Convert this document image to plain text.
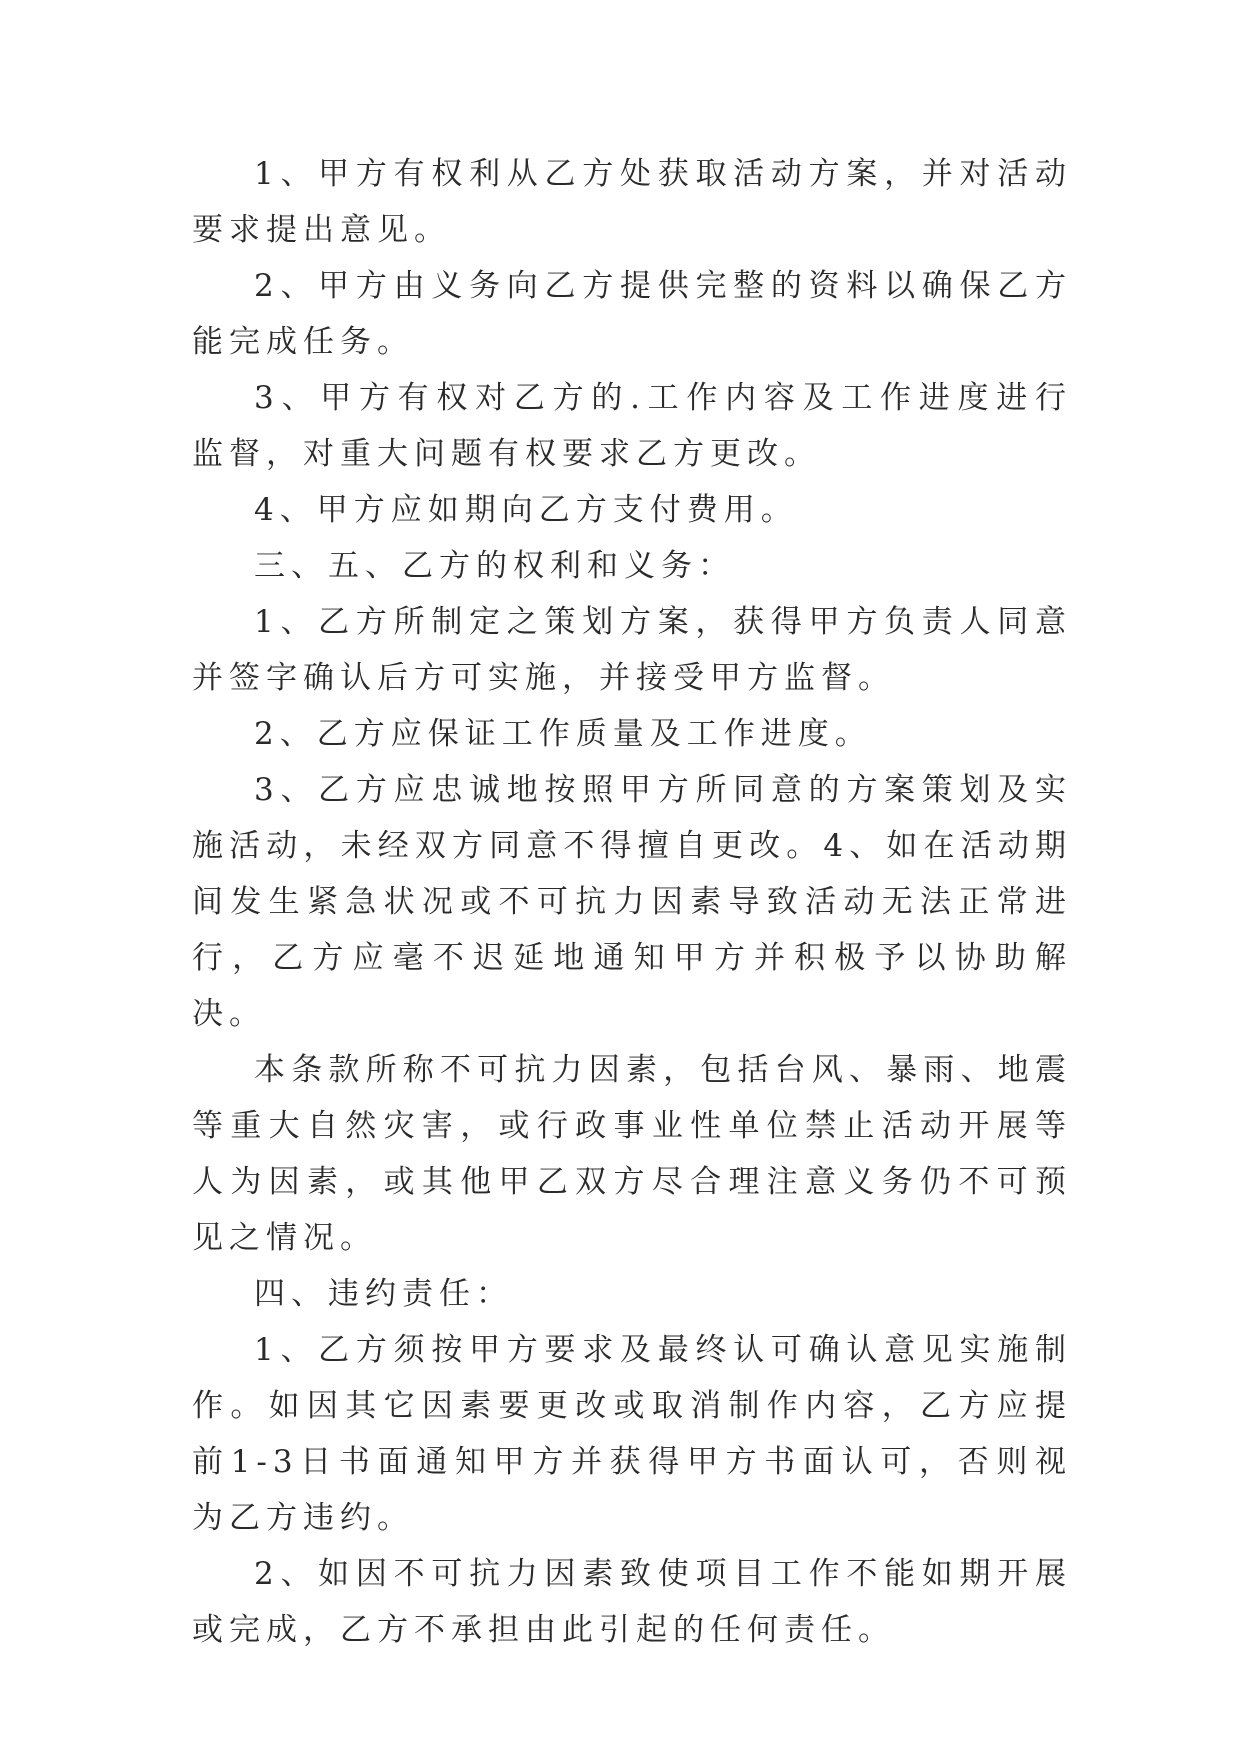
1、甲方有权利从乙方处获取活动方案，并对活动要求提出意见。

2、甲方由义务向乙方提供完整的资料以确保乙方能完成任务。

3、甲方有权对乙方的.工作内容及工作进度进行监督，对重大问题有权要求乙方更改。

4、甲方应如期向乙方支付费用。

三、五、乙方的权利和义务：

1、乙方所制定之策划方案，获得甲方负责人同意并签字确认后方可实施，并接受甲方监督。

2、乙方应保证工作质量及工作进度。

3、乙方应忠诚地按照甲方所同意的方案策划及实施活动，未经双方同意不得擅自更改。4、如在活动期间发生紧急状况或不可抗力因素导致活动无法正常进行，乙方应毫不迟延地通知甲方并积极予以协助解决。

本条款所称不可抗力因素，包括台风、暴雨、地震等重大自然灾害，或行政事业性单位禁止活动开展等人为因素，或其他甲乙双方尽合理注意义务仍不可预见之情况。

四、违约责任：

1、乙方须按甲方要求及最终认可确认意见实施制作。如因其它因素要更改或取消制作内容，乙方应提前1-3日书面通知甲方并获得甲方书面认可，否则视为乙方违约。

2、如因不可抗力因素致使项目工作不能如期开展或完成，乙方不承担由此引起的任何责任。
